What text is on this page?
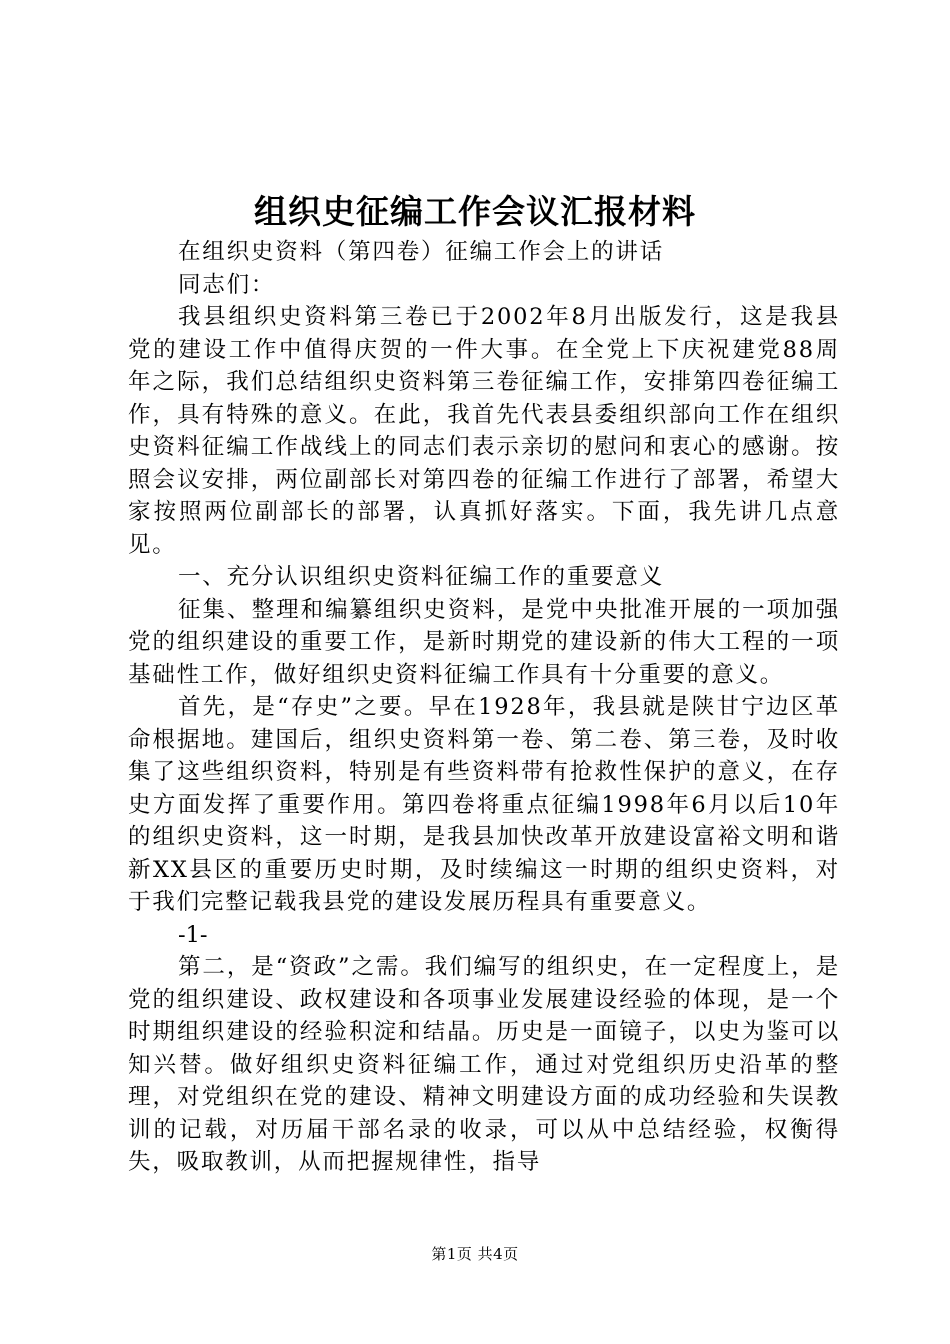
组织史征编工作会议汇报材料

在组织史资料（第四卷）征编工作会上的讲话

同志们：

我县组织史资料第三卷已于2002年8月出版发行，这是我县党的建设工作中值得庆贺的一件大事。在全党上下庆祝建党88周年之际，我们总结组织史资料第三卷征编工作，安排第四卷征编工作，具有特殊的意义。在此，我首先代表县委组织部向工作在组织史资料征编工作战线上的同志们表示亲切的慰问和衷心的感谢。按照会议安排，两位副部长对第四卷的征编工作进行了部署，希望大家按照两位副部长的部署，认真抓好落实。下面，我先讲几点意见。

一、充分认识组织史资料征编工作的重要意义

征集、整理和编纂组织史资料，是党中央批准开展的一项加强党的组织建设的重要工作，是新时期党的建设新的伟大工程的一项基础性工作，做好组织史资料征编工作具有十分重要的意义。

首先，是“存史”之要。早在1928年，我县就是陕甘宁边区革命根据地。建国后，组织史资料第一卷、第二卷、第三卷，及时收集了这些组织资料，特别是有些资料带有抢救性保护的意义，在存史方面发挥了重要作用。第四卷将重点征编1998年6月以后10年的组织史资料，这一时期，是我县加快改革开放建设富裕文明和谐新XX县区的重要历史时期，及时续编这一时期的组织史资料，对于我们完整记载我县党的建设发展历程具有重要意义。

-1-

第二，是“资政”之需。我们编写的组织史，在一定程度上，是党的组织建设、政权建设和各项事业发展建设经验的体现，是一个时期组织建设的经验积淀和结晶。历史是一面镜子，以史为鉴可以知兴替。做好组织史资料征编工作，通过对党组织历史沿革的整理，对党组织在党的建设、精神文明建设方面的成功经验和失误教训的记载，对历届干部名录的收录，可以从中总结经验，权衡得失，吸取教训，从而把握规律性，指导

第1页 共4页
